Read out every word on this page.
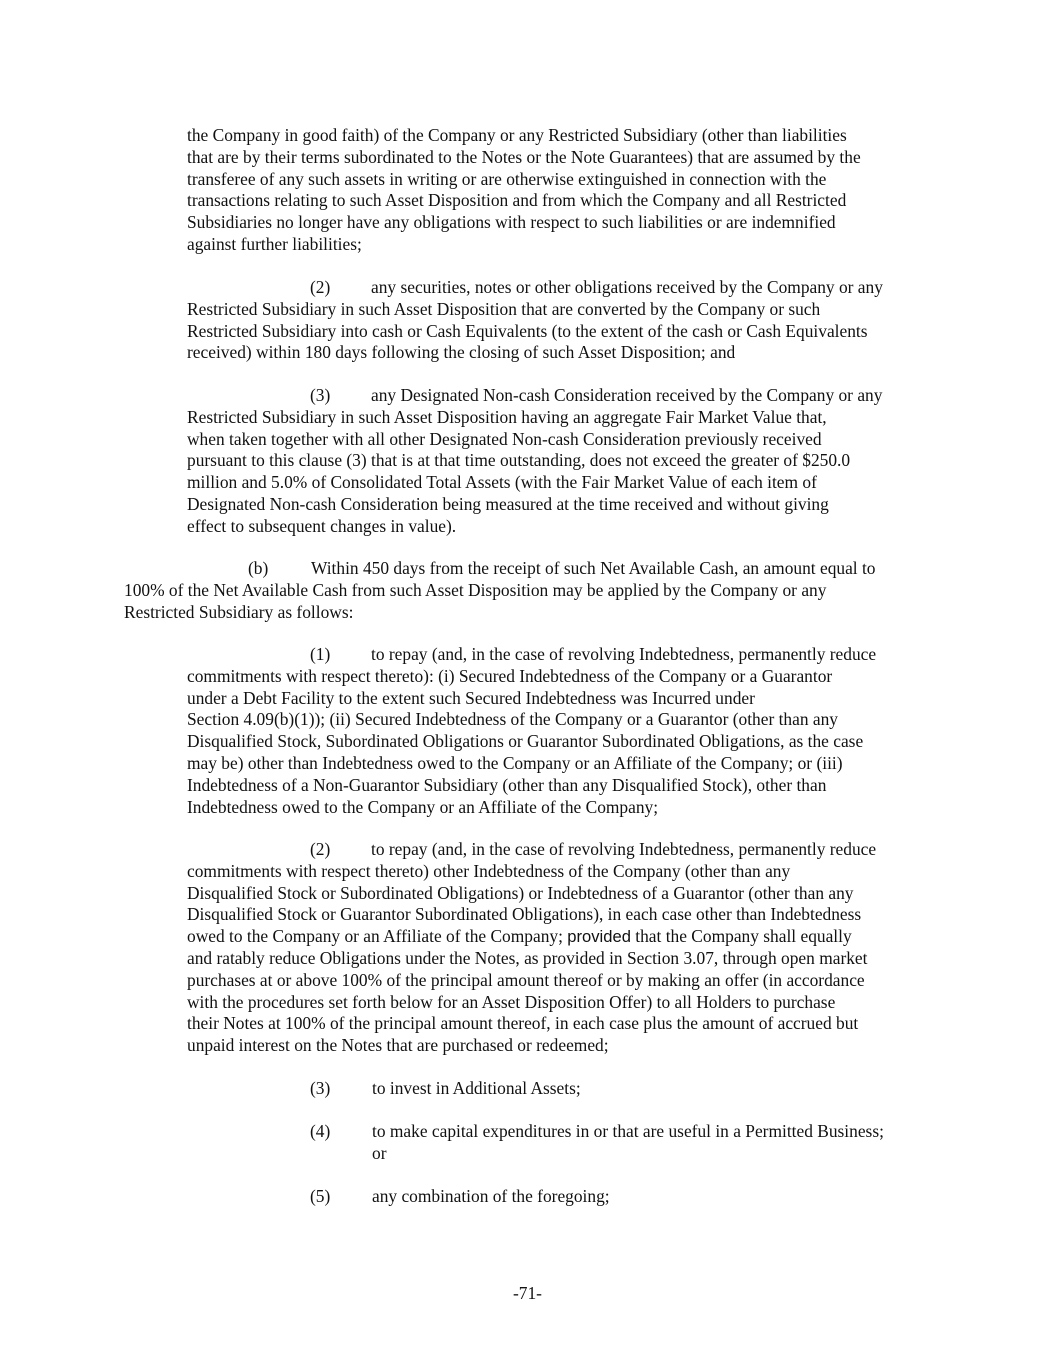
the Company in good faith) of the Company or any Restricted Subsidiary (other than liabilities
that are by their terms subordinated to the Notes or the Note Guarantees) that are assumed by the
transferee of any such assets in writing or are otherwise extinguished in connection with the
transactions relating to such Asset Disposition and from which the Company and all Restricted
Subsidiaries no longer have any obligations with respect to such liabilities or are indemnified
against further liabilities;

(2) any securities, notes or other obligations received by the Company or any
Restricted Subsidiary in such Asset Disposition that are converted by the Company or such
Restricted Subsidiary into cash or Cash Equivalents (to the extent of the cash or Cash Equivalents
received) within 180 days following the closing of such Asset Disposition; and

(3) any Designated Non-cash Consideration received by the Company or any
Restricted Subsidiary in such Asset Disposition having an aggregate Fair Market Value that,
when taken together with all other Designated Non-cash Consideration previously received
pursuant to this clause (3) that is at that time outstanding, does not exceed the greater of $250.0
million and 5.0% of Consolidated Total Assets (with the Fair Market Value of each item of
Designated Non-cash Consideration being measured at the time received and without giving
effect to subsequent changes in value).

(b) Within 450 days from the receipt of such Net Available Cash, an amount equal to
100% of the Net Available Cash from such Asset Disposition may be applied by the Company or any
Restricted Subsidiary as follows:

(1) to repay (and, in the case of revolving Indebtedness, permanently reduce
commitments with respect thereto): (i) Secured Indebtedness of the Company or a Guarantor
under a Debt Facility to the extent such Secured Indebtedness was Incurred under
Section 4.09(b)(1)); (ii) Secured Indebtedness of the Company or a Guarantor (other than any
Disqualified Stock, Subordinated Obligations or Guarantor Subordinated Obligations, as the case
may be) other than Indebtedness owed to the Company or an Affiliate of the Company; or (iii)
Indebtedness of a Non-Guarantor Subsidiary (other than any Disqualified Stock), other than
Indebtedness owed to the Company or an Affiliate of the Company;

(2) to repay (and, in the case of revolving Indebtedness, permanently reduce
commitments with respect thereto) other Indebtedness of the Company (other than any
Disqualified Stock or Subordinated Obligations) or Indebtedness of a Guarantor (other than any
Disqualified Stock or Guarantor Subordinated Obligations), in each case other than Indebtedness
owed to the Company or an Affiliate of the Company; provided that the Company shall equally
and ratably reduce Obligations under the Notes, as provided in Section 3.07, through open market
purchases at or above 100% of the principal amount thereof or by making an offer (in accordance
with the procedures set forth below for an Asset Disposition Offer) to all Holders to purchase
their Notes at 100% of the principal amount thereof, in each case plus the amount of accrued but
unpaid interest on the Notes that are purchased or redeemed;

(3)	to invest in Additional Assets;
(4)	to make capital expenditures in or that are useful in a Permitted Business;
or
(5)	any combination of the foregoing;
-71-
